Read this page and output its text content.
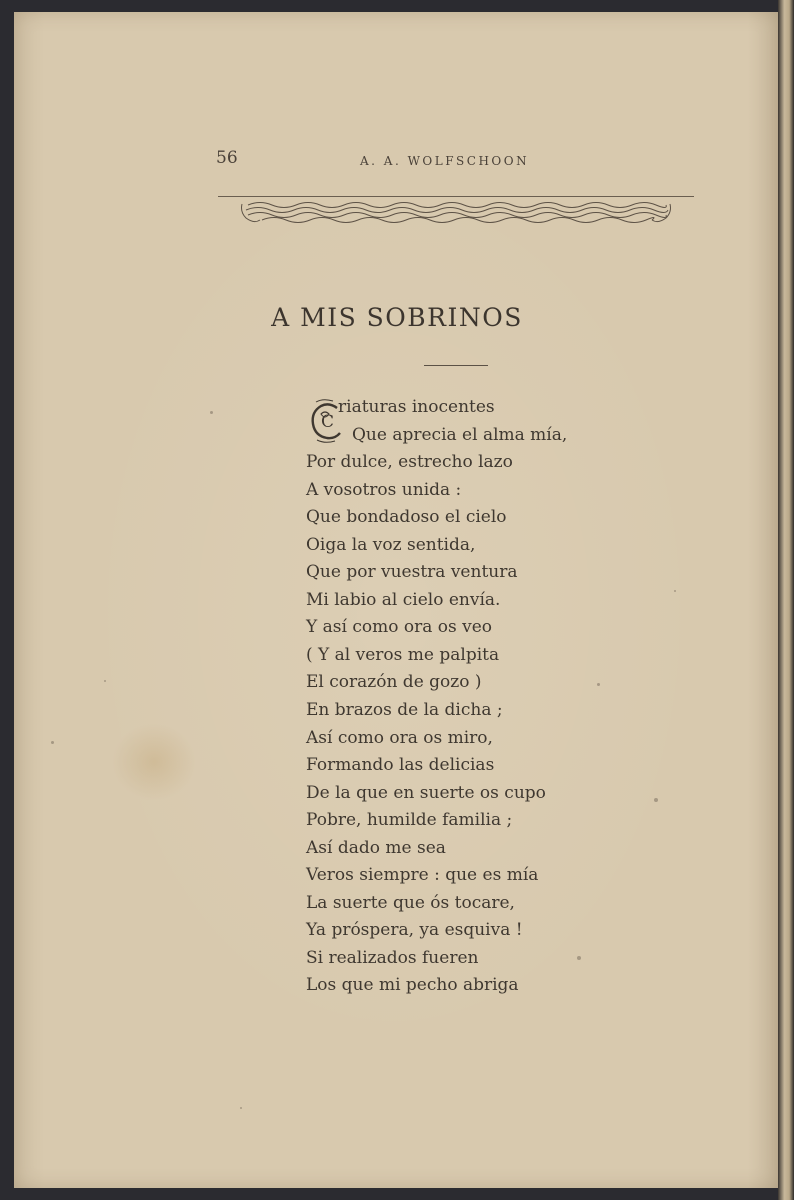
56	A. A. WOLFSCHOON
A MIS SOBRINOS
C
riaturas inocentes
Que aprecia el alma mía,
Por dulce, estrecho lazo
A vosotros unida :
Que bondadoso el cielo
Oiga la voz sentida,
Que por vuestra ventura
Mi labio al cielo envía.
Y así como ora os veo
( Y al veros me palpita
El corazón de gozo )
En brazos de la dicha ;
Así como ora os miro,
Formando las delicias
De la que en suerte os cupo
Pobre, humilde familia ;
Así dado me sea
Veros siempre : que es mía
La suerte que ós tocare,
Ya próspera, ya esquiva !
Si realizados fueren
Los que mi pecho abriga
